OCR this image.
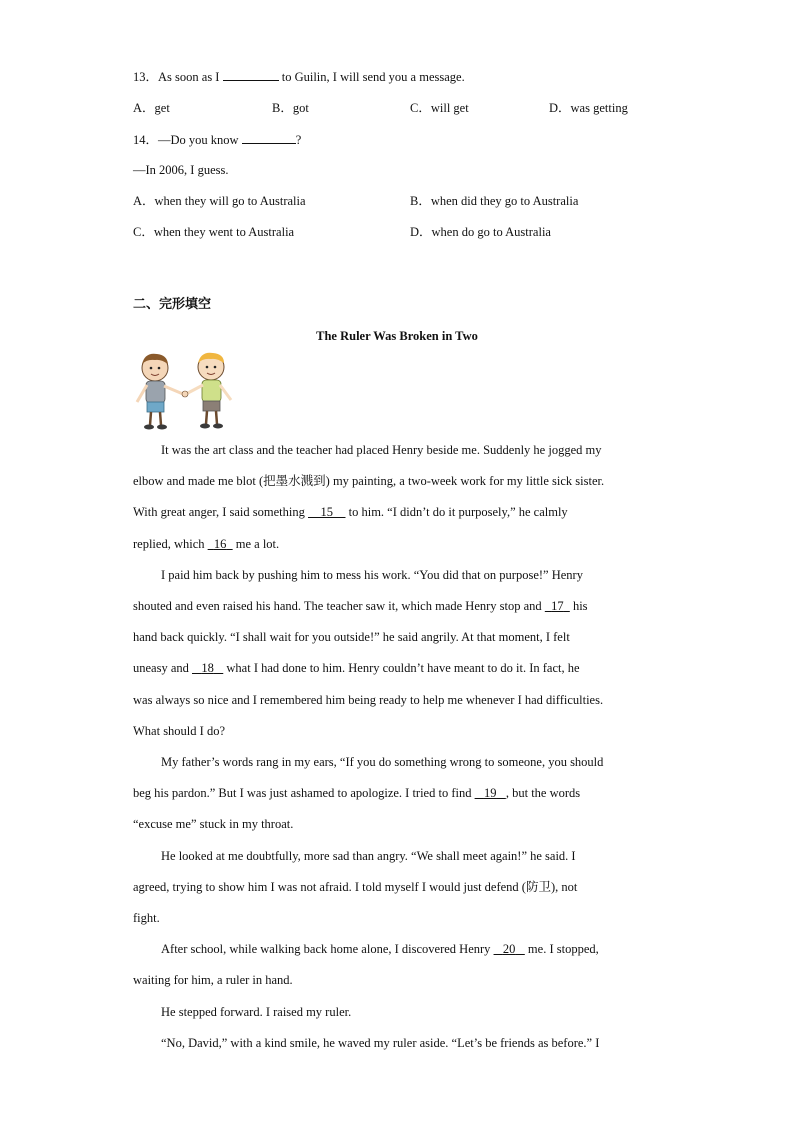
13．As soon as I	to Guilin, I will send you a message.
A．get	B．got	C．will get	D．was getting
14．—Do you know	?
—In 2006, I guess.
A．when they will go to Australia	B．when did they go to Australia
C．when they went to Australia	D．when do go to Australia
二、完形填空
The Ruler Was Broken in Two
It was the art class and the teacher had placed Henry beside me. Suddenly he jogged my
elbow and made me blot (把墨水溅到) my painting, a two-week work for my little sick sister.
With great anger, I said something 15 to him. “I didn’t do it purposely,” he calmly
replied, which 16 me a lot.
I paid him back by pushing him to mess his work. “You did that on purpose!” Henry
shouted and even raised his hand. The teacher saw it, which made Henry stop and 17 his
hand back quickly. “I shall wait for you outside!” he said angrily. At that moment, I felt
uneasy and 18 what I had done to him. Henry couldn’t have meant to do it. In fact, he
was always so nice and I remembered him being ready to help me whenever I had difficulties.
What should I do?
My father’s words rang in my ears, “If you do something wrong to someone, you should
beg his pardon.” But I was just ashamed to apologize. I tried to find 19 , but the words
“excuse me” stuck in my throat.
He looked at me doubtfully, more sad than angry. “We shall meet again!” he said. I
agreed, trying to show him I was not afraid. I told myself I would just defend (防卫), not
fight.
After school, while walking back home alone, I discovered Henry 20 me. I stopped,
waiting for him, a ruler in hand.
He stepped forward. I raised my ruler.
“No, David,” with a kind smile, he waved my ruler aside. “Let’s be friends as before.” I
